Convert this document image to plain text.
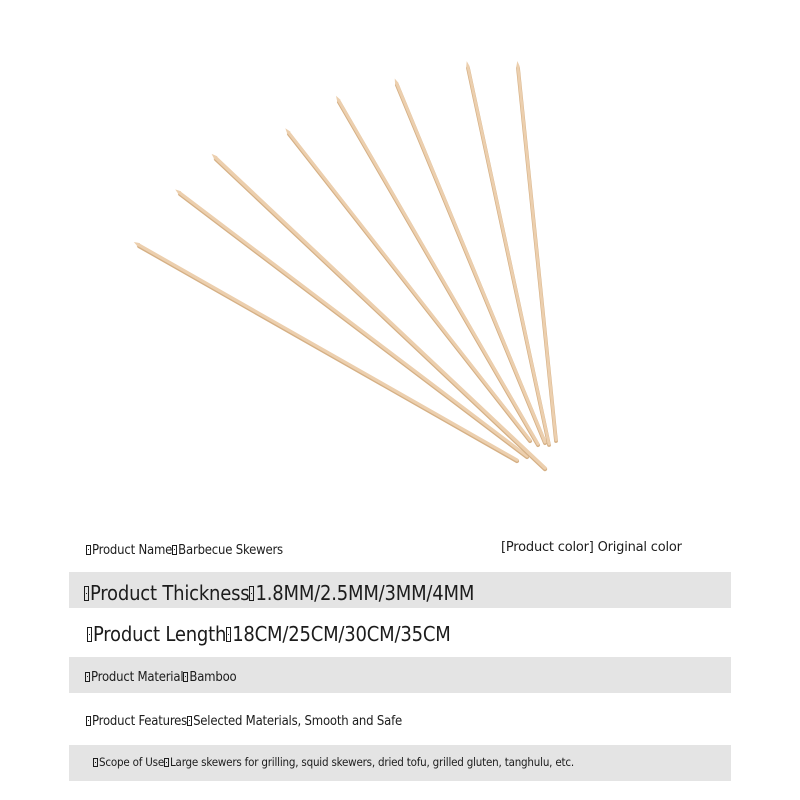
Product Name Barbecue Skewers	[Product color] Original color
Product Thickness 1.8MM/2.5MM/3MM/4MM
Product Length 18CM/25CM/30CM/35CM
Product Material Bamboo
Product Features Selected Materials, Smooth and Safe
Scope of Use Large skewers for grilling, squid skewers, dried tofu, grilled gluten, tanghulu, etc.
